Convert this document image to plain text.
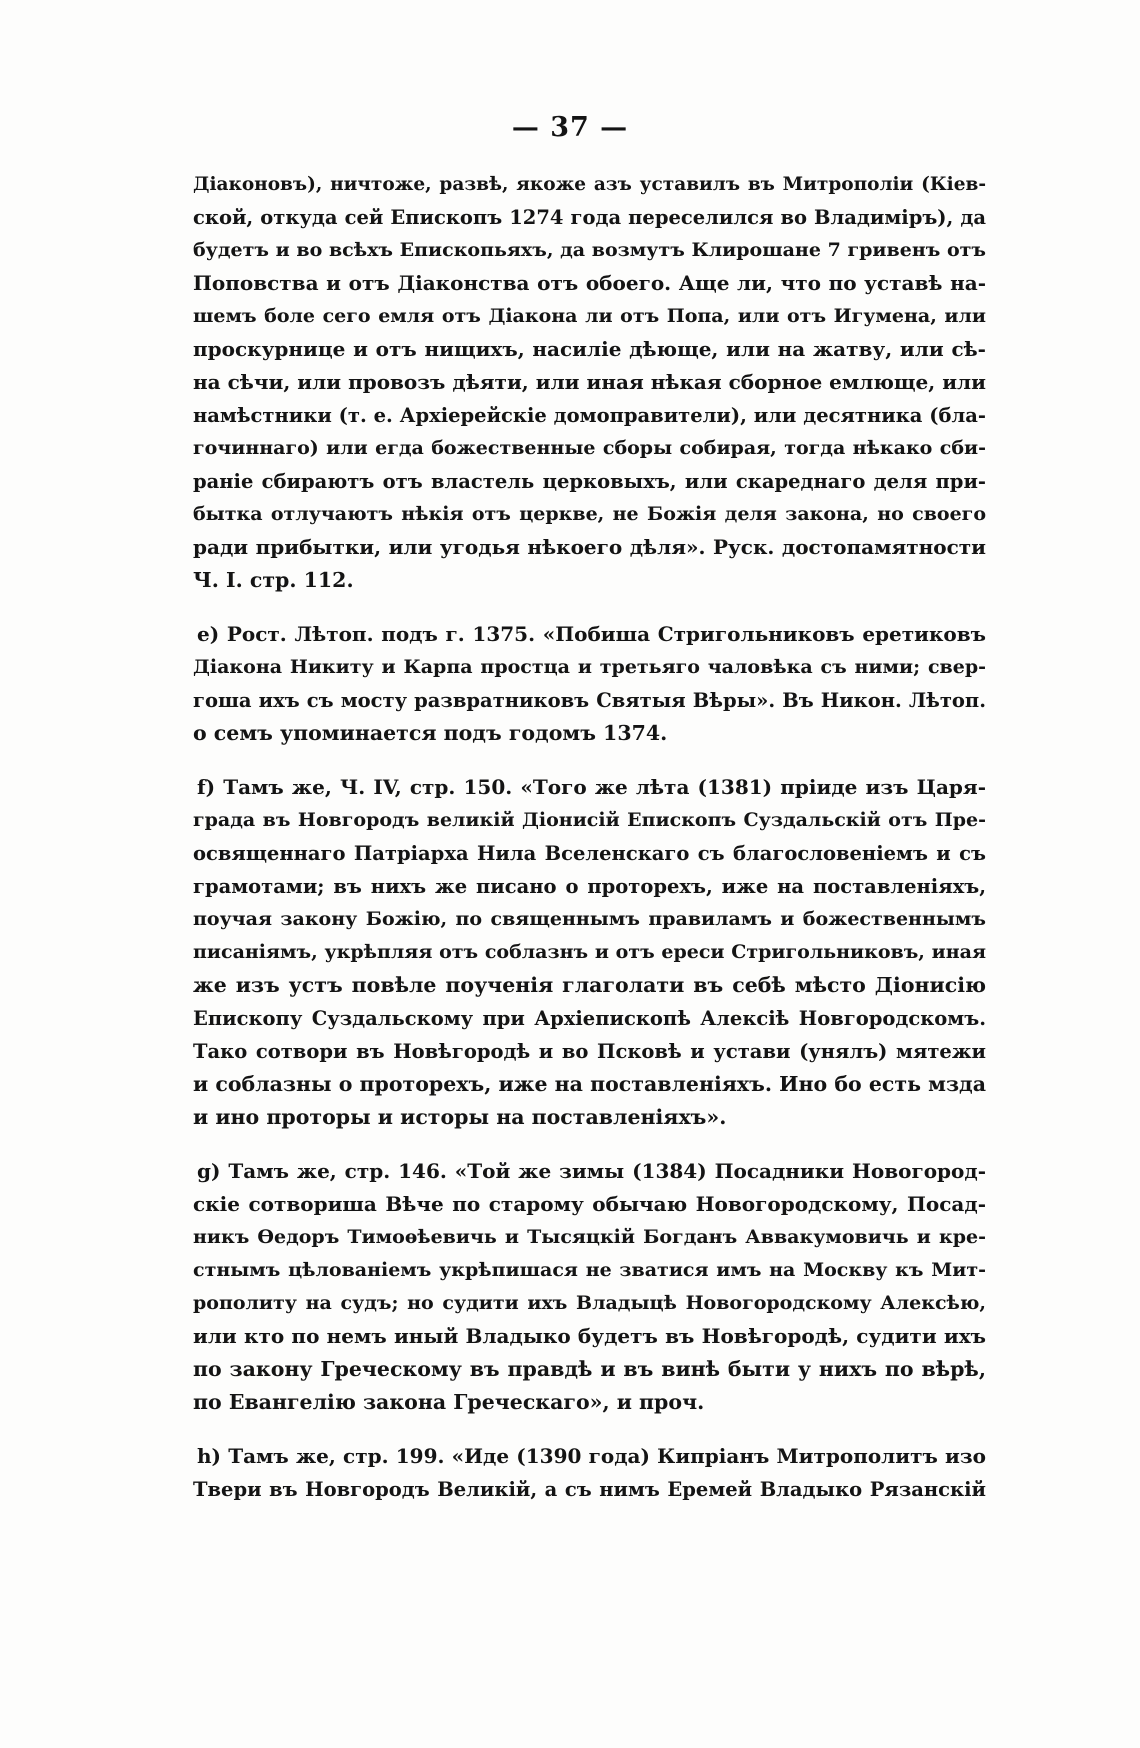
— 37 —
Діаконовъ), ничтоже, развѣ, якоже азъ уставилъ въ Митрополіи (Кіев-
ской, откуда сей Епископъ 1274 года переселился во Владиміръ), да
будетъ и во всѣхъ Епископьяхъ, да возмутъ Клирошане 7 гривенъ отъ
Поповства и отъ Діаконства отъ обоего. Аще ли, что по уставѣ на-
шемъ боле сего емля отъ Діакона ли отъ Попа, или отъ Игумена, или
проскурнице и отъ нищихъ, насиліе дѣюще, или на жатву, или сѣ-
на сѣчи, или провозъ дѣяти, или иная нѣкая сборное емлюще, или
намѣстники (т. е. Архіерейскіе домоправители), или десятника (бла-
гочиннаго) или егда божественные сборы собирая, тогда нѣкако сби-
раніе сбираютъ отъ властель церковыхъ, или скареднаго деля при-
бытка отлучаютъ нѣкія отъ церкве, не Божія деля закона, но своего
ради прибытки, или угодья нѣкоего дѣля». Руск. достопамятности
Ч. I. стр. 112.
e) Рост. Лѣтоп. подъ г. 1375. «Побиша Стригольниковъ еретиковъ
Діакона Никиту и Карпа простца и третьяго чаловѣка съ ними; свер-
гоша ихъ съ мосту развратниковъ Святыя Вѣры». Въ Никон. Лѣтоп.
о семъ упоминается подъ годомъ 1374.
f) Тамъ же, Ч. IV, стр. 150. «Того же лѣта (1381) пріиде изъ Царя-
града въ Новгородъ великій Діонисій Епископъ Суздальскій отъ Пре-
освященнаго Патріарха Нила Вселенскаго съ благословеніемъ и съ
грамотами; въ нихъ же писано о проторехъ, иже на поставленіяхъ,
поучая закону Божію, по священнымъ правиламъ и божественнымъ
писаніямъ, укрѣпляя отъ соблазнъ и отъ ереси Стригольниковъ, иная
же изъ устъ повѣле поученія глаголати въ себѣ мѣсто Діонисію
Епископу Суздальскому при Архіепископѣ Алексіѣ Новгородскомъ.
Тако сотвори въ Новѣгородѣ и во Псковѣ и устави (унялъ) мятежи
и соблазны о проторехъ, иже на поставленіяхъ. Ино бо есть мзда
и ино проторы и исторы на поставленіяхъ».
g) Тамъ же, стр. 146. «Той же зимы (1384) Посадники Новогород-
скіе сотвориша Вѣче по старому обычаю Новогородскому, Посад-
никъ Ѳедоръ Тимоѳѣевичь и Тысяцкій Богданъ Аввакумовичь и кре-
стнымъ цѣлованіемъ укрѣпишася не зватися имъ на Москву къ Мит-
рополиту на судъ; но судити ихъ Владыцѣ Новогородскому Алексѣю,
или кто по немъ иный Владыко будетъ въ Новѣгородѣ, судити ихъ
по закону Греческому въ правдѣ и въ винѣ быти у нихъ по вѣрѣ,
по Евангелію закона Греческаго», и проч.
h) Тамъ же, стр. 199. «Иде (1390 года) Кипріанъ Митрополитъ изо
Твери въ Новгородъ Великій, а съ нимъ Еремей Владыко Рязанскій
